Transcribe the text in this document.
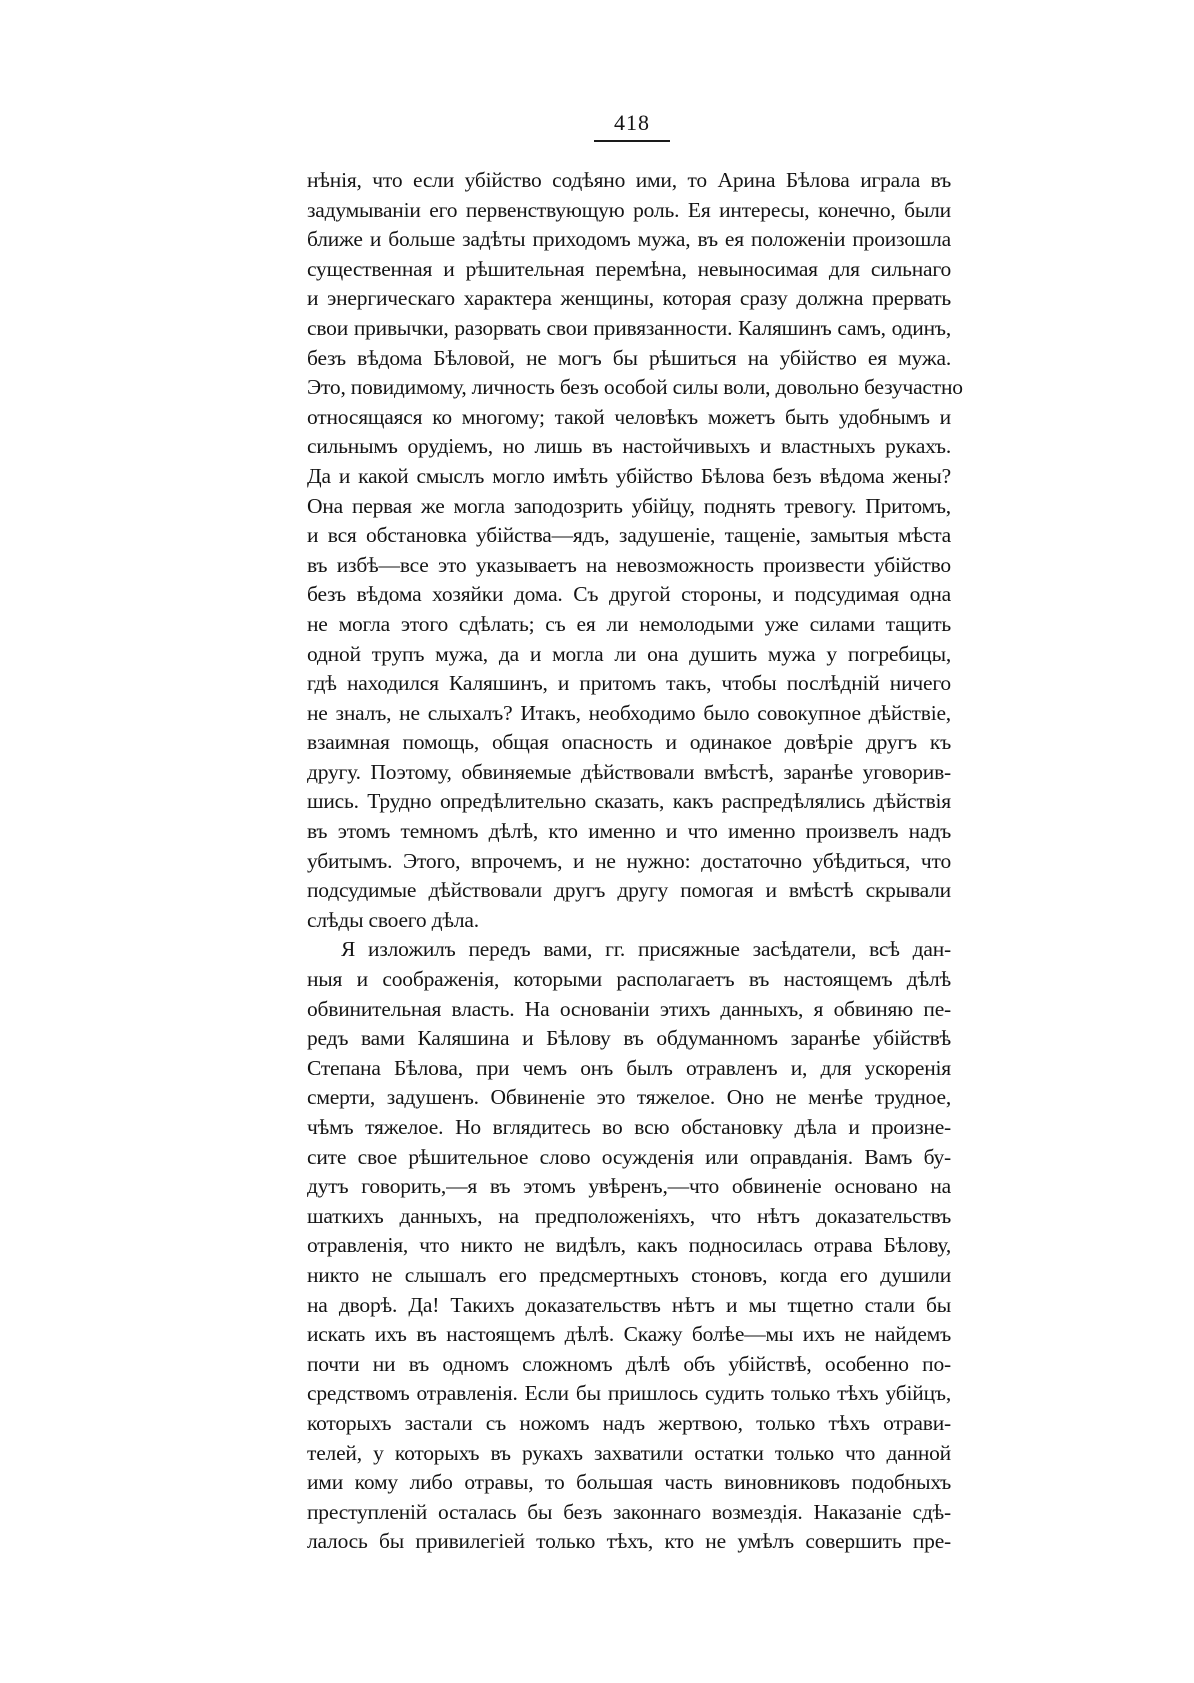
418
нѣнія, что если убійство содѣяно ими, то Арина Бѣлова играла въ
задумываніи его первенствующую роль. Ея интересы, конечно, были
ближе и больше задѣты приходомъ мужа, въ ея положеніи произошла
существенная и рѣшительная перемѣна, невыносимая для сильнаго
и энергическаго характера женщины, которая сразу должна прервать
свои привычки, разорвать свои привязанности. Каляшинъ самъ, одинъ,
безъ вѣдома Бѣловой, не могъ бы рѣшиться на убійство ея мужа.
Это, повидимому, личность безъ особой силы воли, довольно безучастно
относящаяся ко многому; такой человѣкъ можетъ быть удобнымъ и
сильнымъ орудіемъ, но лишь въ настойчивыхъ и властныхъ рукахъ.
Да и какой смыслъ могло имѣть убійство Бѣлова безъ вѣдома жены?
Она первая же могла заподозрить убійцу, поднять тревогу. Притомъ,
и вся обстановка убійства—ядъ, задушеніе, тащеніе, замытыя мѣста
въ избѣ—все это указываетъ на невозможность произвести убійство
безъ вѣдома хозяйки дома. Съ другой стороны, и подсудимая одна
не могла этого сдѣлать; съ ея ли немолодыми уже силами тащить
одной трупъ мужа, да и могла ли она душить мужа у погребицы,
гдѣ находился Каляшинъ, и притомъ такъ, чтобы послѣдній ничего
не зналъ, не слыхалъ? Итакъ, необходимо было совокупное дѣйствіе,
взаимная помощь, общая опасность и одинакое довѣріе другъ къ
другу. Поэтому, обвиняемые дѣйствовали вмѣстѣ, заранѣе уговорив-
шись. Трудно опредѣлительно сказать, какъ распредѣлялись дѣйствія
въ этомъ темномъ дѣлѣ, кто именно и что именно произвелъ надъ
убитымъ. Этого, впрочемъ, и не нужно: достаточно убѣдиться, что
подсудимые дѣйствовали другъ другу помогая и вмѣстѣ скрывали
слѣды своего дѣла.
Я изложилъ передъ вами, гг. присяжные засѣдатели, всѣ дан-
ныя и соображенія, которыми располагаетъ въ настоящемъ дѣлѣ
обвинительная власть. На основаніи этихъ данныхъ, я обвиняю пе-
редъ вами Каляшина и Бѣлову въ обдуманномъ заранѣе убійствѣ
Степана Бѣлова, при чемъ онъ былъ отравленъ и, для ускоренія
смерти, задушенъ. Обвиненіе это тяжелое. Оно не менѣе трудное,
чѣмъ тяжелое. Но вглядитесь во всю обстановку дѣла и произне-
сите свое рѣшительное слово осужденія или оправданія. Вамъ бу-
дутъ говорить,—я въ этомъ увѣренъ,—что обвиненіе основано на
шаткихъ данныхъ, на предположеніяхъ, что нѣтъ доказательствъ
отравленія, что никто не видѣлъ, какъ подносилась отрава Бѣлову,
никто не слышалъ его предсмертныхъ стоновъ, когда его душили
на дворѣ. Да! Такихъ доказательствъ нѣтъ и мы тщетно стали бы
искать ихъ въ настоящемъ дѣлѣ. Скажу болѣе—мы ихъ не найдемъ
почти ни въ одномъ сложномъ дѣлѣ объ убійствѣ, особенно по-
средствомъ отравленія. Если бы пришлось судить только тѣхъ убійцъ,
которыхъ застали съ ножомъ надъ жертвою, только тѣхъ отрави-
телей, у которыхъ въ рукахъ захватили остатки только что данной
ими кому либо отравы, то большая часть виновниковъ подобныхъ
преступленій осталась бы безъ законнаго возмездія. Наказаніе сдѣ-
лалось бы привилегіей только тѣхъ, кто не умѣлъ совершить пре-
